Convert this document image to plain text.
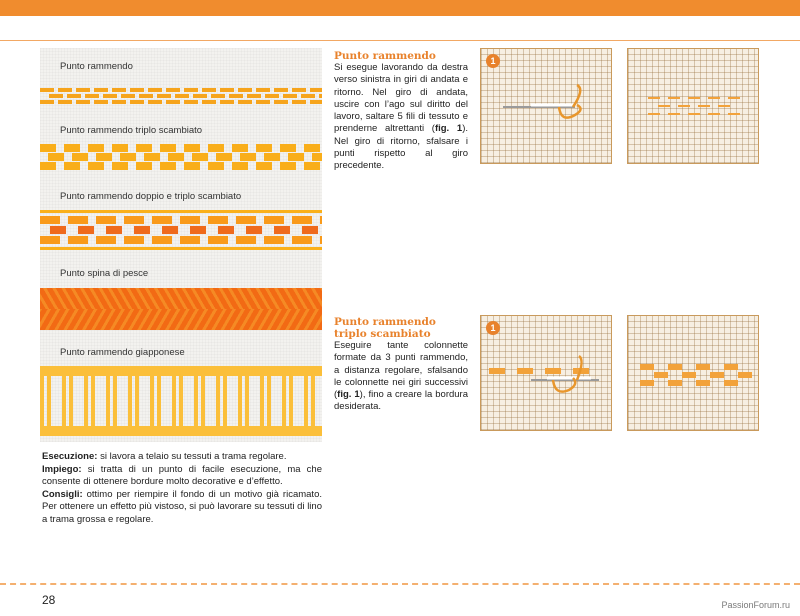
Punto rammendo
Punto rammendo triplo scambiato
Punto rammendo doppio e triplo scambiato
Punto spina di pesce
Punto rammendo giapponese

Esecuzione: si lavora a telaio su tessuti a trama regolare.

Impiego: si tratta di un punto di facile esecuzione, ma che consente di ottenere bordure molto decorative e d’effetto.

Consigli: ottimo per riempire il fondo di un motivo già ricamato. Per ottenere un effetto più vistoso, si può lavorare su tessuti di lino a trama grossa e regolare.

Punto rammendo
Si esegue lavorando da destra verso sinistra in giri di andata e ritorno. Nel giro di andata, uscire con l’ago sul diritto del lavoro, saltare 5 fili di tessuto e prenderne altrettanti (fig. 1). Nel giro di ritorno, sfalsare i punti rispetto al giro precedente.
1
Punto rammendo
triplo scambiato
Eseguire tante colonnette formate da 3 punti rammendo, a distanza regolare, sfalsando le colonnette nei giri successivi (fig. 1), fino a creare la bordura desiderata.
1
28	PassionForum.ru
